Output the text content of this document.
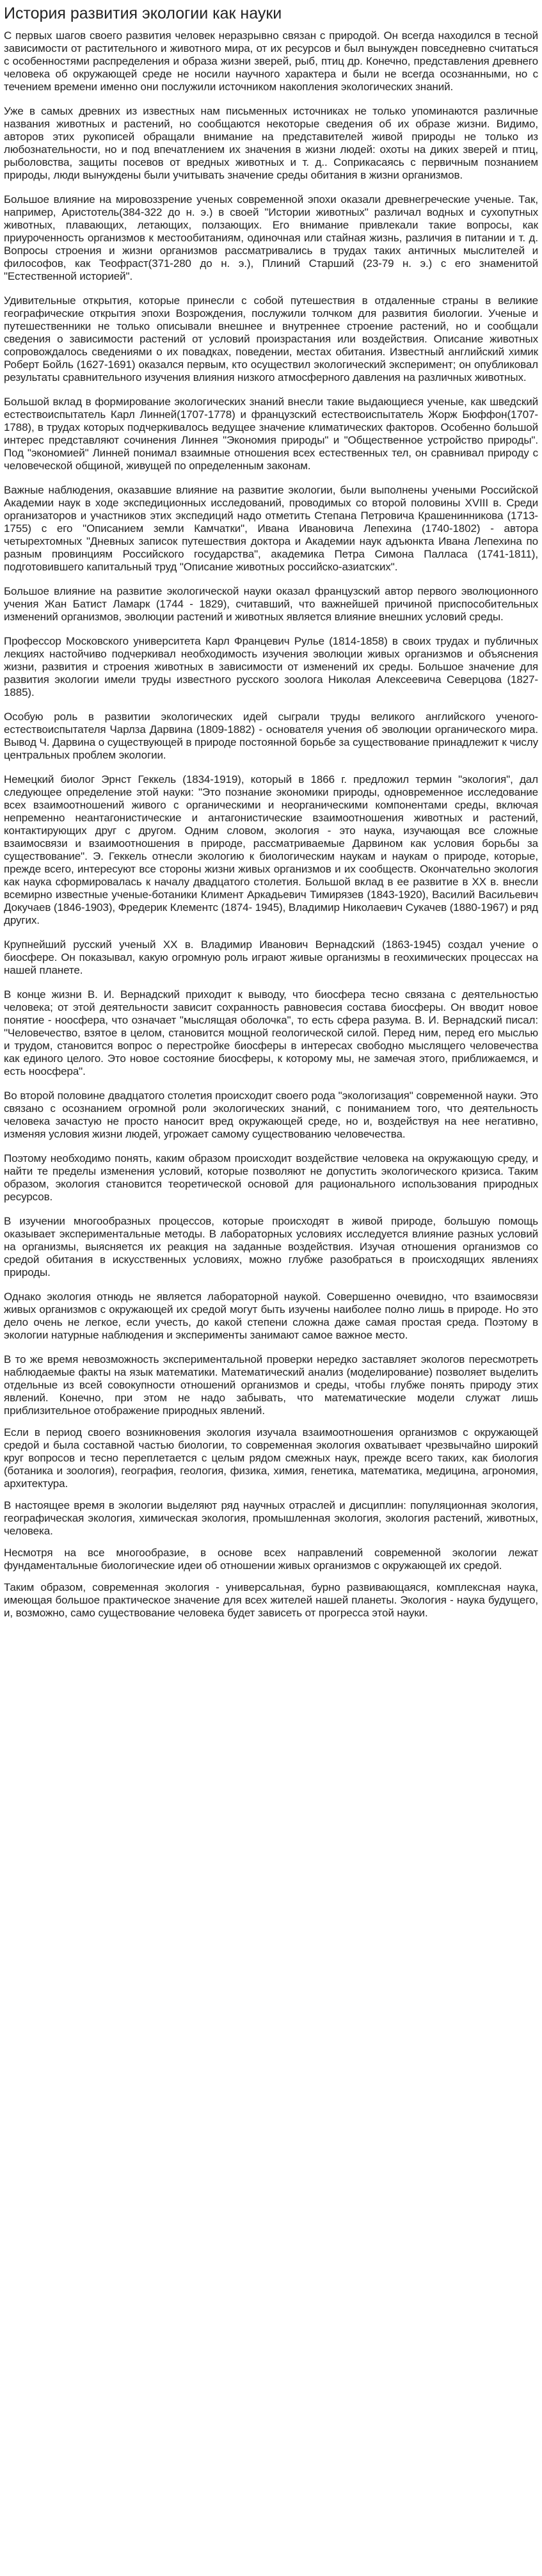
История развития экологии как науки

С первых шагов своего развития человек неразрывно связан с природой. Он всегда находился в тесной зависимости от растительного и животного мира, от их ресурсов и был вынужден повседневно считаться с особенностями распределения и образа жизни зверей, рыб, птиц др. Конечно, представления древнего человека об окружающей среде не носили научного характера и были не всегда осознанными, но с течением времени именно они послужили источником накопления экологических знаний.

Уже в самых древних из известных нам письменных источниках не только упоминаются различные названия животных и растений, но сообщаются некоторые сведения об их образе жизни. Видимо, авторов этих рукописей обращали внимание на представителей живой природы не только из любознательности, но и под впечатлением их значения в жизни людей: охоты на диких зверей и птиц, рыболовства, защиты посевов от вредных животных и т. д.. Соприкасаясь с первичным познанием природы, люди вынуждены были учитывать значение среды обитания в жизни организмов.

Большое влияние на мировоззрение ученых современной эпохи оказали древнегреческие ученые. Так, например, Аристотель(384-322 до н. э.) в своей "Истории животных" различал водных и сухопутных животных, плавающих, летающих, ползающих. Его внимание привлекали такие вопросы, как приуроченность организмов к местообитаниям, одиночная или стайная жизнь, различия в питании и т. д. Вопросы строения и жизни организмов рассматривались в трудах таких античных мыслителей и философов, как Теофраст(371-280 до н. э.), Плиний Старший (23-79 н. э.) с его знаменитой "Естественной историей".

Удивительные открытия, которые принесли с собой путешествия в отдаленные страны в великие географические открытия эпохи Возрождения, послужили толчком для развития биологии. Ученые и путешественники не только описывали внешнее и внутреннее строение растений, но и сообщали сведения о зависимости растений от условий произрастания или воздействия. Описание животных сопровождалось сведениями о их повадках, поведении, местах обитания. Известный английский химик Роберт Бойль (1627-1691) оказался первым, кто осуществил экологический эксперимент; он опубликовал результаты сравнительного изучения влияния низкого атмосферного давления на различных животных.

Большой вклад в формирование экологических знаний внесли такие выдающиеся ученые, как шведский естествоиспытатель Карл Линней(1707-1778) и французский естествоиспытатель Жорж Бюффон(1707-1788), в трудах которых подчеркивалось ведущее значение климатических факторов. Особенно большой интерес представляют сочинения Линнея "Экономия природы" и "Общественное устройство природы". Под "экономией" Линней понимал взаимные отношения всех естественных тел, он сравнивал природу с человеческой общиной, живущей по определенным законам.

Важные наблюдения, оказавшие влияние на развитие экологии, были выполнены учеными Российской Академии наук в ходе экспедиционных исследований, проводимых со второй половины XVIII в. Среди организаторов и участников этих экспедиций надо отметить Степана Петровича Крашенинникова (1713-1755) с его "Описанием земли Камчатки", Ивана Ивановича Лепехина (1740-1802) - автора четырехтомных "Дневных записок путешествия доктора и Академии наук адъюнкта Ивана Лепехина по разным провинциям Российского государства", академика Петра Симона Палласа (1741-1811), подготовившего капитальный труд "Описание животных российско-азиатских".

Большое влияние на развитие экологической науки оказал французский автор первого эволюционного учения Жан Батист Ламарк (1744 - 1829), считавший, что важнейшей причиной приспособительных изменений организмов, эволюции растений и животных является влияние внешних условий среды.

Профессор Московского университета Карл Францевич Рулье (1814-1858) в своих трудах и публичных лекциях настойчиво подчеркивал необходимость изучения эволюции живых организмов и объяснения жизни, развития и строения животных в зависимости от изменений их среды. Большое значение для развития экологии имели труды известного русского зоолога Николая Алексеевича Северцова (1827-1885).

Особую роль в развитии экологических идей сыграли труды великого английского ученого-естествоиспытателя Чарлза Дарвина (1809-1882) - основателя учения об эволюции органического мира. Вывод Ч. Дарвина о существующей в природе постоянной борьбе за существование принадлежит к числу центральных проблем экологии.

Немецкий биолог Эрнст Геккель (1834-1919), который в 1866 г. предложил термин "экология", дал следующее определение этой науки: "Это познание экономики природы, одновременное исследование всех взаимоотношений живого с органическими и неорганическими компонентами среды, включая непременно неантагонистические и антагонистические взаимоотношения животных и растений, контактирующих друг с другом. Одним словом, экология - это наука, изучающая все сложные взаимосвязи и взаимоотношения в природе, рассматриваемые Дарвином как условия борьбы за существование". Э. Геккель отнесли экологию к биологическим наукам и наукам о природе, которые, прежде всего, интересуют все стороны жизни живых организмов и их сообществ. Окончательно экология как наука сформировалась к началу двадцатого столетия. Большой вклад в ее развитие в XX в. внесли всемирно известные ученые-ботаники Климент Аркадьевич Тимирязев (1843-1920), Василий Васильевич Докучаев (1846-1903), Фредерик Клементс (1874- 1945), Владимир Николаевич Сукачев (1880-1967) и ряд других.

Крупнейший русский ученый XX в. Владимир Иванович Вернадский (1863-1945) создал учение о биосфере. Он показывал, какую огромную роль играют живые организмы в геохимических процессах на нашей планете.

В конце жизни В. И. Вернадский приходит к выводу, что биосфера тесно связана с деятельностью человека; от этой деятельности зависит сохранность равновесия состава биосферы. Он вводит новое понятие - ноосфера, что означает "мыслящая оболочка", то есть сфера разума. В. И. Вернадский писал: "Человечество, взятое в целом, становится мощной геологической силой. Перед ним, перед его мыслью и трудом, становится вопрос о перестройке биосферы в интересах свободно мыслящего человечества как единого целого. Это новое состояние биосферы, к которому мы, не замечая этого, приближаемся, и есть ноосфера".

Во второй половине двадцатого столетия происходит своего рода "экологизация" современной науки. Это связано с осознанием огромной роли экологических знаний, с пониманием того, что деятельность человека зачастую не просто наносит вред окружающей среде, но и, воздействуя на нее негативно, изменяя условия жизни людей, угрожает самому существованию человечества.

Поэтому необходимо понять, каким образом происходит воздействие человека на окружающую среду, и найти те пределы изменения условий, которые позволяют не допустить экологического кризиса. Таким образом, экология становится теоретической основой для рационального использования природных ресурсов.

В изучении многообразных процессов, которые происходят в живой природе, большую помощь оказывает экспериментальные методы. В лабораторных условиях исследуется влияние разных условий на организмы, выясняется их реакция на заданные воздействия. Изучая отношения организмов со средой обитания в искусственных условиях, можно глубже разобраться в происходящих явлениях природы.

Однако экология отнюдь не является лабораторной наукой. Совершенно очевидно, что взаимосвязи живых организмов с окружающей их средой могут быть изучены наиболее полно лишь в природе. Но это дело очень не легкое, если учесть, до какой степени сложна даже самая простая среда. Поэтому в экологии натурные наблюдения и эксперименты занимают самое важное место.

В то же время невозможность экспериментальной проверки нередко заставляет экологов пересмотреть наблюдаемые факты на язык математики. Математический анализ (моделирование) позволяет выделить отдельные из всей совокупности отношений организмов и среды, чтобы глубже понять природу этих явлений. Конечно, при этом не надо забывать, что математические модели служат лишь приблизительное отображение природных явлений.

Если в период своего возникновения экология изучала взаимоотношения организмов с окружающей средой и была составной частью биологии, то современная экология охватывает чрезвычайно широкий круг вопросов и тесно переплетается с целым рядом смежных наук, прежде всего таких, как биология (ботаника и зоология), география, геология, физика, химия, генетика, математика, медицина, агрономия, архитектура.

В настоящее время в экологии выделяют ряд научных отраслей и дисциплин: популяционная экология, географическая экология, химическая экология, промышленная экология, экология растений, животных, человека.

Несмотря на все многообразие, в основе всех направлений современной экологии лежат фундаментальные биологические идеи об отношении живых организмов с окружающей их средой.

Таким образом, современная экология - универсальная, бурно развивающаяся, комплексная наука, имеющая большое практическое значение для всех жителей нашей планеты. Экология - наука будущего, и, возможно, само существование человека будет зависеть от прогресса этой науки.
